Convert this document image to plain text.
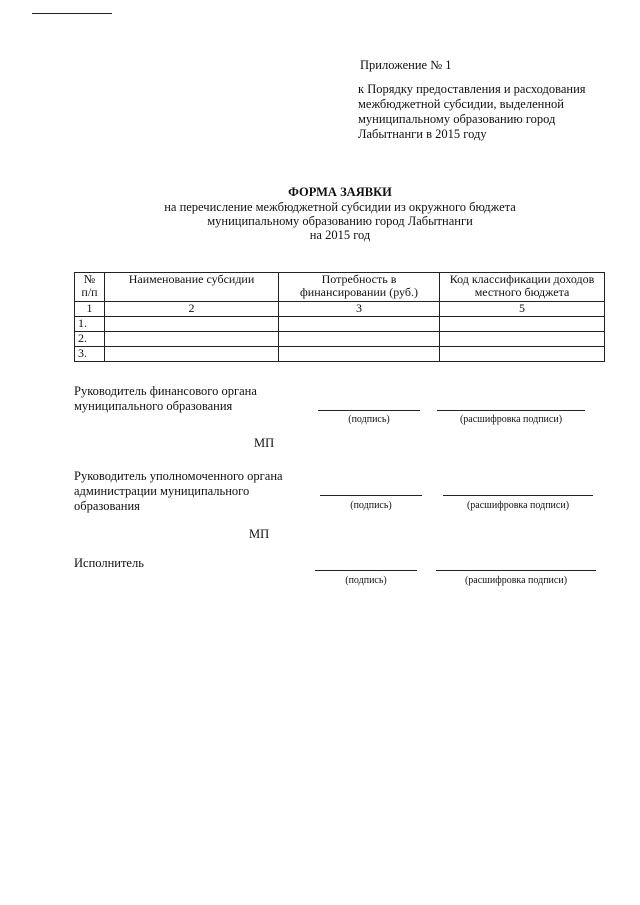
Приложение № 1
к Порядку предоставления и расходования межбюджетной субсидии, выделенной муниципальному образованию город Лабытнанги в 2015 году
ФОРМА ЗАЯВКИ
на перечисление межбюджетной субсидии из окружного бюджета
муниципальному образованию город Лабытнанги
на 2015 год
№ п/п	Наименование субсидии	Потребность в финансировании (руб.)	Код классификации доходов местного бюджета
1	2	3	5
1.			
2.			
3.			
Руководитель финансового органа
муниципального образования
(подпись)	(расшифровка подписи)
МП
Руководитель уполномоченного органа
администрации муниципального
образования	(подпись)	(расшифровка подписи)
МП
Исполнитель
(подпись)	(расшифровка подписи)
